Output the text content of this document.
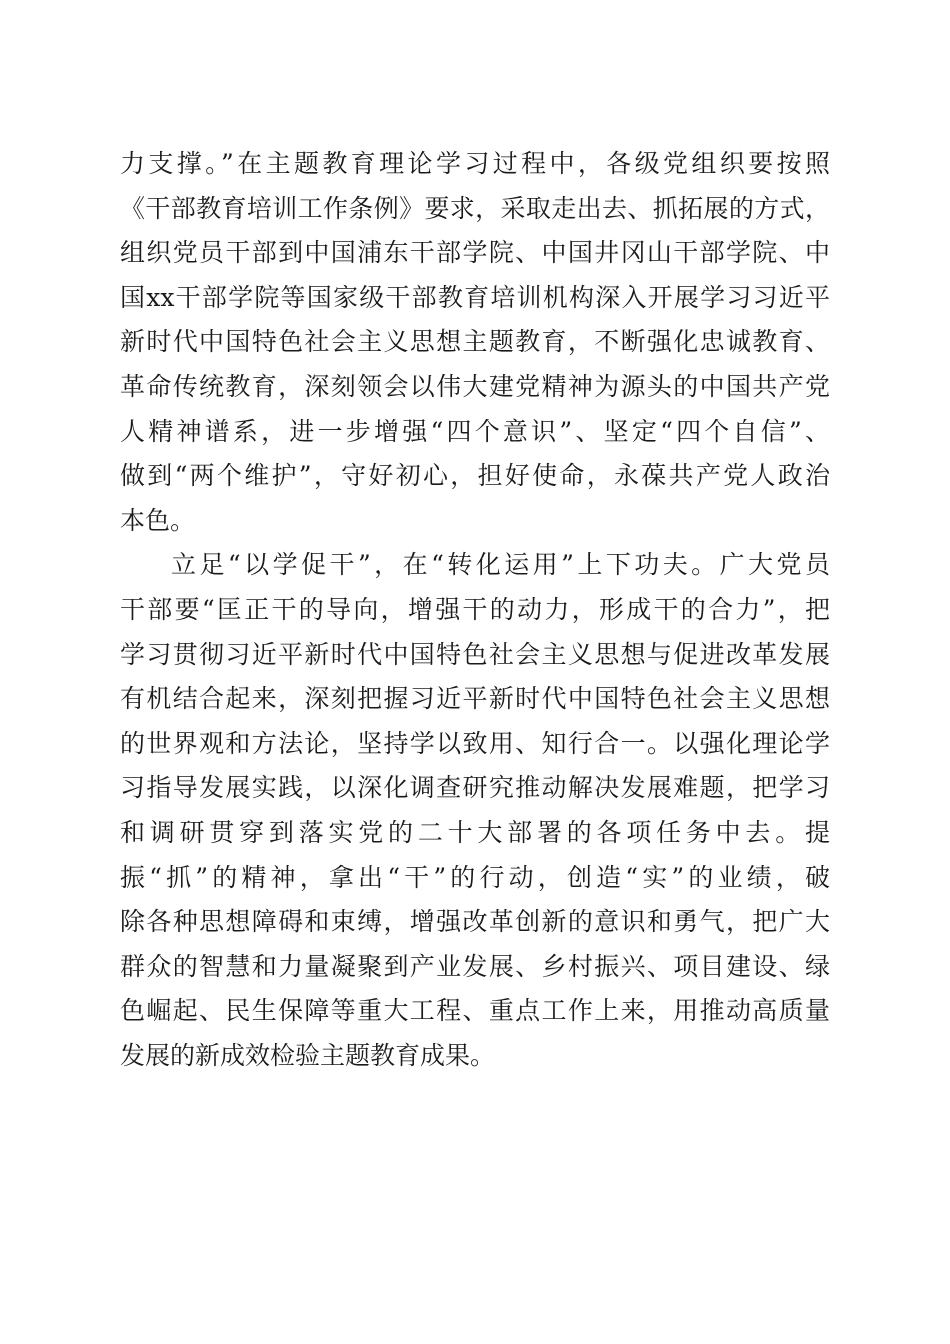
力支撑。”在主题教育理论学习过程中，各级党组织要按照
《干部教育培训工作条例》要求，采取走出去、抓拓展的方式，
组织党员干部到中国浦东干部学院、中国井冈山干部学院、中
国xx干部学院等国家级干部教育培训机构深入开展学习习近平
新时代中国特色社会主义思想主题教育，不断强化忠诚教育、
革命传统教育，深刻领会以伟大建党精神为源头的中国共产党
人精神谱系，进一步增强“四个意识”、坚定“四个自信”、
做到“两个维护”，守好初心，担好使命，永葆共产党人政治
本色。
立足“以学促干”，在“转化运用”上下功夫。广大党员
干部要“匡正干的导向，增强干的动力，形成干的合力”，把
学习贯彻习近平新时代中国特色社会主义思想与促进改革发展
有机结合起来，深刻把握习近平新时代中国特色社会主义思想
的世界观和方法论，坚持学以致用、知行合一。以强化理论学
习指导发展实践，以深化调查研究推动解决发展难题，把学习
和调研贯穿到落实党的二十大部署的各项任务中去。提
振“抓”的精神，拿出“干”的行动，创造“实”的业绩，破
除各种思想障碍和束缚，增强改革创新的意识和勇气，把广大
群众的智慧和力量凝聚到产业发展、乡村振兴、项目建设、绿
色崛起、民生保障等重大工程、重点工作上来，用推动高质量
发展的新成效检验主题教育成果。
